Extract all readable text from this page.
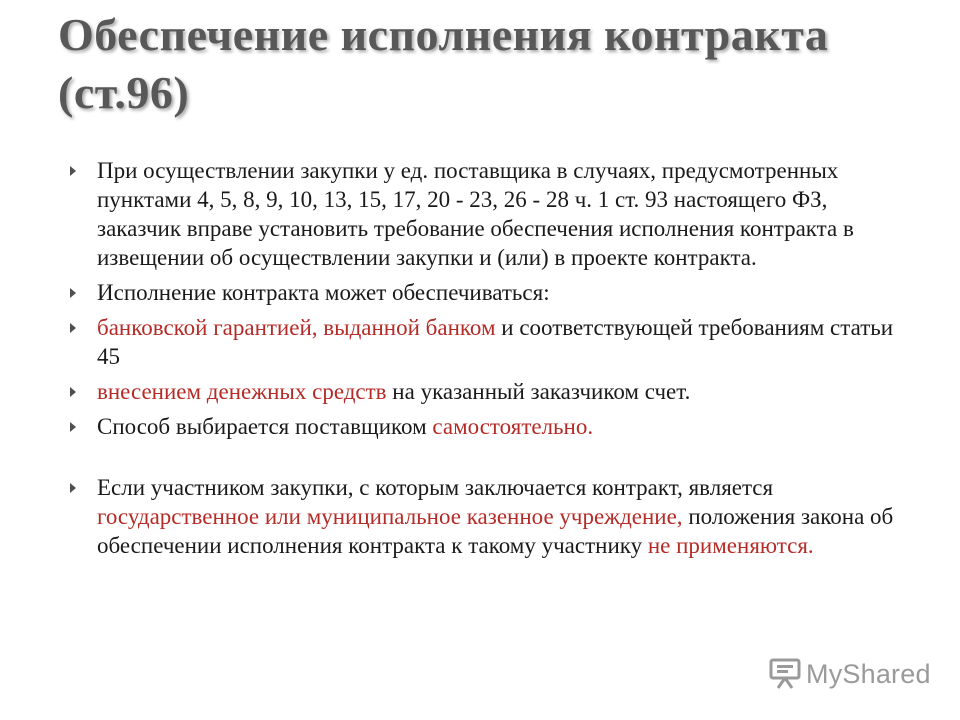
Обеспечение исполнения контракта
(ст.96)
При осуществлении закупки у ед. поставщика в случаях, предусмотренных пунктами 4, 5, 8, 9, 10, 13, 15, 17, 20 - 23, 26 - 28 ч. 1 ст. 93 настоящего ФЗ, заказчик вправе установить требование обеспечения исполнения контракта в извещении об осуществлении закупки и (или) в проекте контракта.
Исполнение контракта может обеспечиваться:
банковской гарантией, выданной банком и соответствующей требованиям статьи 45
внесением денежных средств на указанный заказчиком счет.
Способ выбирается поставщиком самостоятельно.
Если участником закупки, с которым заключается контракт, является государственное или муниципальное казенное учреждение, положения закона об обеспечении исполнения контракта к такому участнику не применяются.
MyShared
